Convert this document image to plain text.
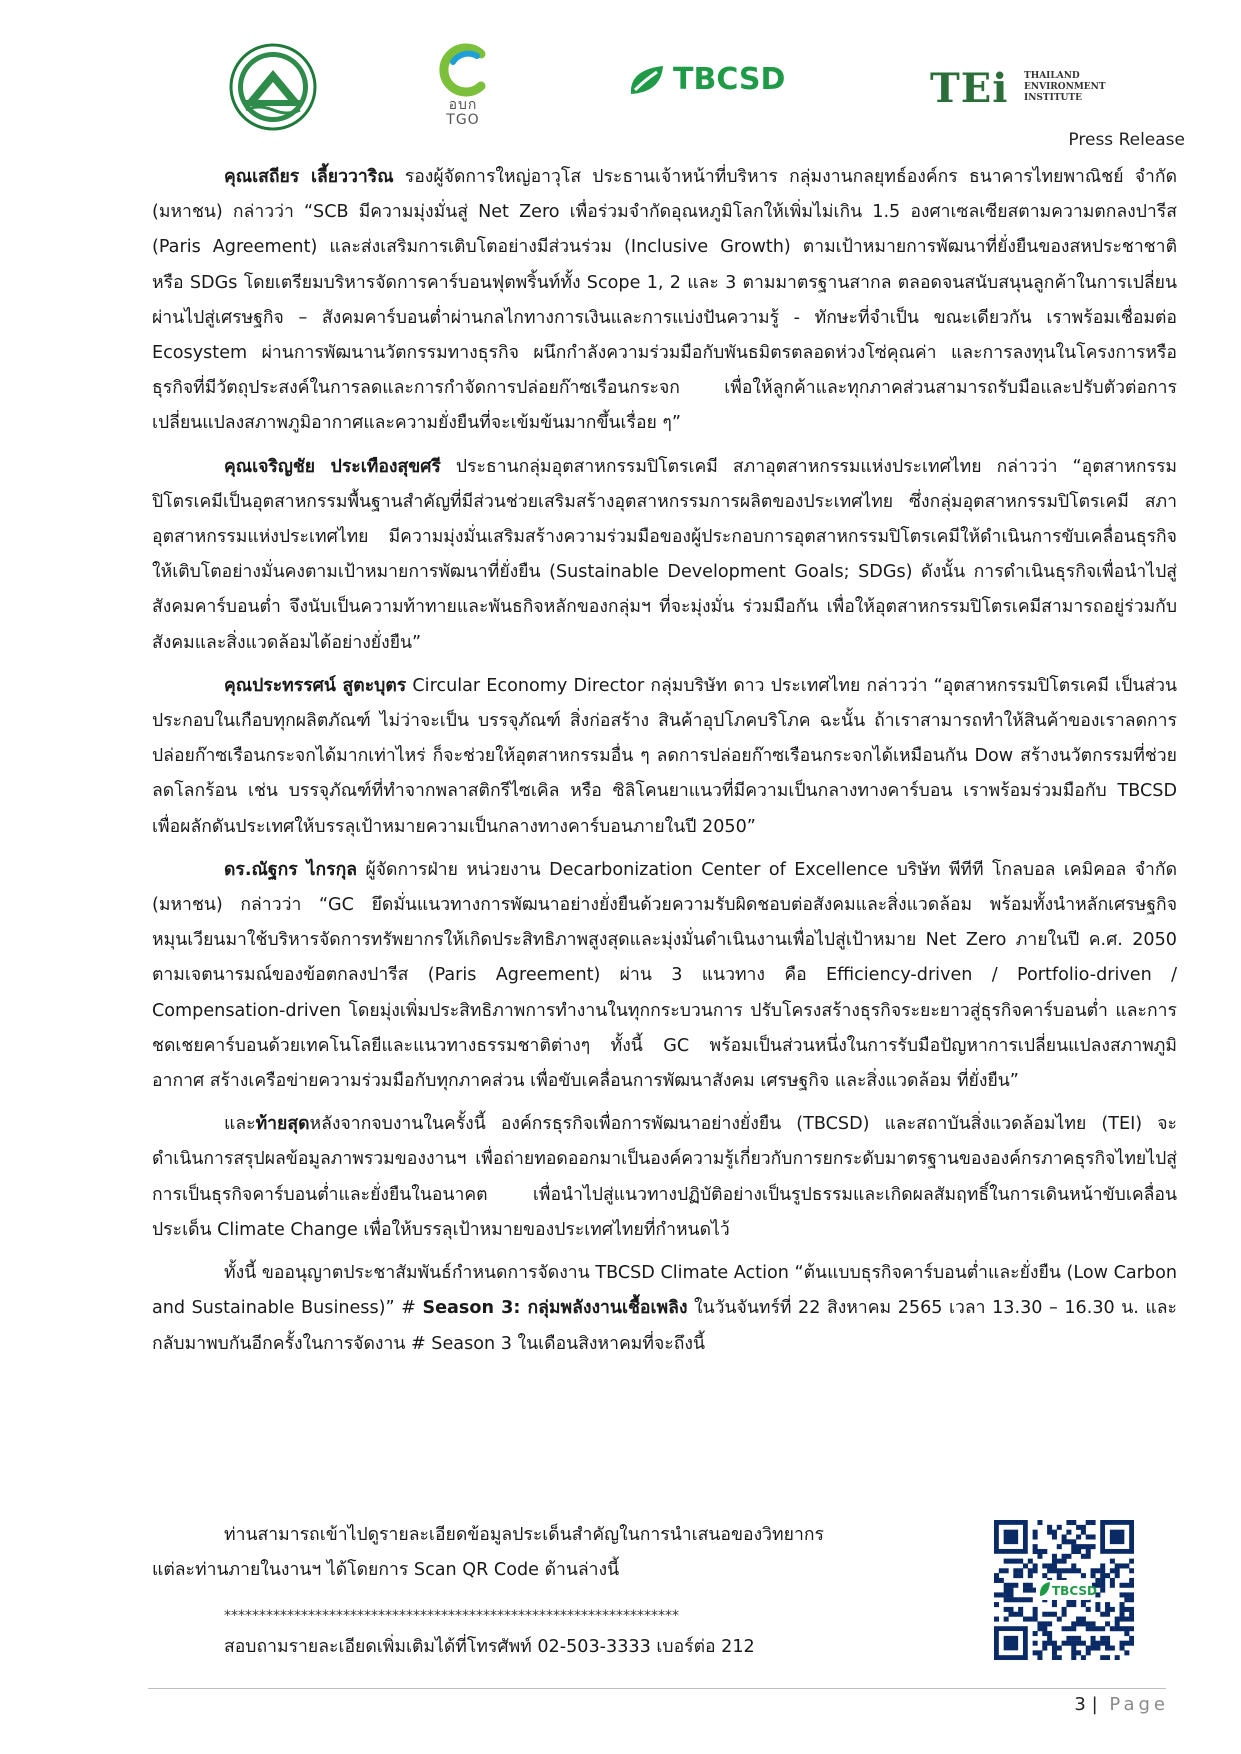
อบก TGO
TBCSD	TEi THAILAND ENVIRONMENT INSTITUTE
Press Release

คุณเสถียร เลี้ยววาริณ รองผู้จัดการใหญ่อาวุโส ประธานเจ้าหน้าที่บริหาร กลุ่มงานกลยุทธ์องค์กร ธนาคารไทยพาณิชย์ จำกัด (มหาชน) กล่าวว่า “SCB มีความมุ่งมั่นสู่ Net Zero เพื่อร่วมจำกัดอุณหภูมิโลกให้เพิ่มไม่เกิน 1.5 องศาเซลเซียสตามความตกลงปารีส (Paris Agreement) และส่งเสริมการเติบโตอย่างมีส่วนร่วม (Inclusive Growth) ตามเป้าหมายการพัฒนาที่ยั่งยืนของสหประชาชาติ หรือ SDGs โดยเตรียมบริหารจัดการคาร์บอนฟุตพริ้นท์ทั้ง Scope 1, 2 และ 3 ตามมาตรฐานสากล ตลอดจนสนับสนุนลูกค้าในการเปลี่ยนผ่านไปสู่เศรษฐกิจ – สังคมคาร์บอนต่ำผ่านกลไกทางการเงินและการแบ่งปันความรู้ - ทักษะที่จำเป็น ขณะเดียวกัน เราพร้อมเชื่อมต่อ Ecosystem ผ่านการพัฒนานวัตกรรมทางธุรกิจ ผนึกกำลังความร่วมมือกับพันธมิตรตลอดห่วงโซ่คุณค่า และการลงทุนในโครงการหรือธุรกิจที่มีวัตถุประสงค์ในการลดและการกำจัดการปล่อยก๊าซเรือนกระจก เพื่อให้ลูกค้าและทุกภาคส่วนสามารถรับมือและปรับตัวต่อการเปลี่ยนแปลงสภาพภูมิอากาศและความยั่งยืนที่จะเข้มข้นมากขึ้นเรื่อย ๆ”

คุณเจริญชัย ประเทืองสุขศรี ประธานกลุ่มอุตสาหกรรมปิโตรเคมี สภาอุตสาหกรรมแห่งประเทศไทย กล่าวว่า “อุตสาหกรรมปิโตรเคมีเป็นอุตสาหกรรมพื้นฐานสำคัญที่มีส่วนช่วยเสริมสร้างอุตสาหกรรมการผลิตของประเทศไทย ซึ่งกลุ่มอุตสาหกรรมปิโตรเคมี สภาอุตสาหกรรมแห่งประเทศไทย มีความมุ่งมั่นเสริมสร้างความร่วมมือของผู้ประกอบการอุตสาหกรรมปิโตรเคมีให้ดำเนินการขับเคลื่อนธุรกิจให้เติบโตอย่างมั่นคงตามเป้าหมายการพัฒนาที่ยั่งยืน (Sustainable Development Goals; SDGs) ดังนั้น การดำเนินธุรกิจเพื่อนำไปสู่สังคมคาร์บอนต่ำ จึงนับเป็นความท้าทายและพันธกิจหลักของกลุ่มฯ ที่จะมุ่งมั่น ร่วมมือกัน เพื่อให้อุตสาหกรรมปิโตรเคมีสามารถอยู่ร่วมกับสังคมและสิ่งแวดล้อมได้อย่างยั่งยืน”

คุณประทรรศน์ สูตะบุตร Circular Economy Director กลุ่มบริษัท ดาว ประเทศไทย กล่าวว่า “อุตสาหกรรมปิโตรเคมี เป็นส่วนประกอบในเกือบทุกผลิตภัณฑ์ ไม่ว่าจะเป็น บรรจุภัณฑ์ สิ่งก่อสร้าง สินค้าอุปโภคบริโภค ฉะนั้น ถ้าเราสามารถทำให้สินค้าของเราลดการปล่อยก๊าซเรือนกระจกได้มากเท่าไหร่ ก็จะช่วยให้อุตสาหกรรมอื่น ๆ ลดการปล่อยก๊าซเรือนกระจกได้เหมือนกัน Dow สร้างนวัตกรรมที่ช่วยลดโลกร้อน เช่น บรรจุภัณฑ์ที่ทำจากพลาสติกรีไซเคิล หรือ ซิลิโคนยาแนวที่มีความเป็นกลางทางคาร์บอน เราพร้อมร่วมมือกับ TBCSD เพื่อผลักดันประเทศให้บรรลุเป้าหมายความเป็นกลางทางคาร์บอนภายในปี 2050”

ดร.ณัฐกร ไกรกุล ผู้จัดการฝ่าย หน่วยงาน Decarbonization Center of Excellence บริษัท พีทีที โกลบอล เคมิคอล จำกัด (มหาชน) กล่าวว่า “GC ยึดมั่นแนวทางการพัฒนาอย่างยั่งยืนด้วยความรับผิดชอบต่อสังคมและสิ่งแวดล้อม พร้อมทั้งนำหลักเศรษฐกิจหมุนเวียนมาใช้บริหารจัดการทรัพยากรให้เกิดประสิทธิภาพสูงสุดและมุ่งมั่นดำเนินงานเพื่อไปสู่เป้าหมาย Net Zero ภายในปี ค.ศ. 2050 ตามเจตนารมณ์ของข้อตกลงปารีส (Paris Agreement) ผ่าน 3 แนวทาง คือ Efficiency-driven / Portfolio-driven / Compensation-driven โดยมุ่งเพิ่มประสิทธิภาพการทำงานในทุกกระบวนการ ปรับโครงสร้างธุรกิจระยะยาวสู่ธุรกิจคาร์บอนต่ำ และการชดเชยคาร์บอนด้วยเทคโนโลยีและแนวทางธรรมชาติต่างๆ ทั้งนี้ GC พร้อมเป็นส่วนหนึ่งในการรับมือปัญหาการเปลี่ยนแปลงสภาพภูมิอากาศ สร้างเครือข่ายความร่วมมือกับทุกภาคส่วน เพื่อขับเคลื่อนการพัฒนาสังคม เศรษฐกิจ และสิ่งแวดล้อม ที่ยั่งยืน”

และท้ายสุดหลังจากจบงานในครั้งนี้ องค์กรธุรกิจเพื่อการพัฒนาอย่างยั่งยืน (TBCSD) และสถาบันสิ่งแวดล้อมไทย (TEI) จะดำเนินการสรุปผลข้อมูลภาพรวมของงานฯ เพื่อถ่ายทอดออกมาเป็นองค์ความรู้เกี่ยวกับการยกระดับมาตรฐานขององค์กรภาคธุรกิจไทยไปสู่การเป็นธุรกิจคาร์บอนต่ำและยั่งยืนในอนาคต เพื่อนำไปสู่แนวทางปฏิบัติอย่างเป็นรูปธรรมและเกิดผลสัมฤทธิ์ในการเดินหน้าขับเคลื่อนประเด็น Climate Change เพื่อให้บรรลุเป้าหมายของประเทศไทยที่กำหนดไว้

ทั้งนี้ ขออนุญาตประชาสัมพันธ์กำหนดการจัดงาน TBCSD Climate Action “ต้นแบบธุรกิจคาร์บอนต่ำและยั่งยืน (Low Carbon and Sustainable Business)” # Season 3: กลุ่มพลังงานเชื้อเพลิง ในวันจันทร์ที่ 22 สิงหาคม 2565 เวลา 13.30 – 16.30 น. และกลับมาพบกันอีกครั้งในการจัดงาน # Season 3 ในเดือนสิงหาคมที่จะถึงนี้

ท่านสามารถเข้าไปดูรายละเอียดข้อมูลประเด็นสำคัญในการนำเสนอของวิทยากร
แต่ละท่านภายในงานฯ ได้โดยการ Scan QR Code ด้านล่างนี้
*****************************************************************
สอบถามรายละเอียดเพิ่มเติมได้ที่โทรศัพท์ 02-503-3333 เบอร์ต่อ 212
TBCSD
3 | Page
